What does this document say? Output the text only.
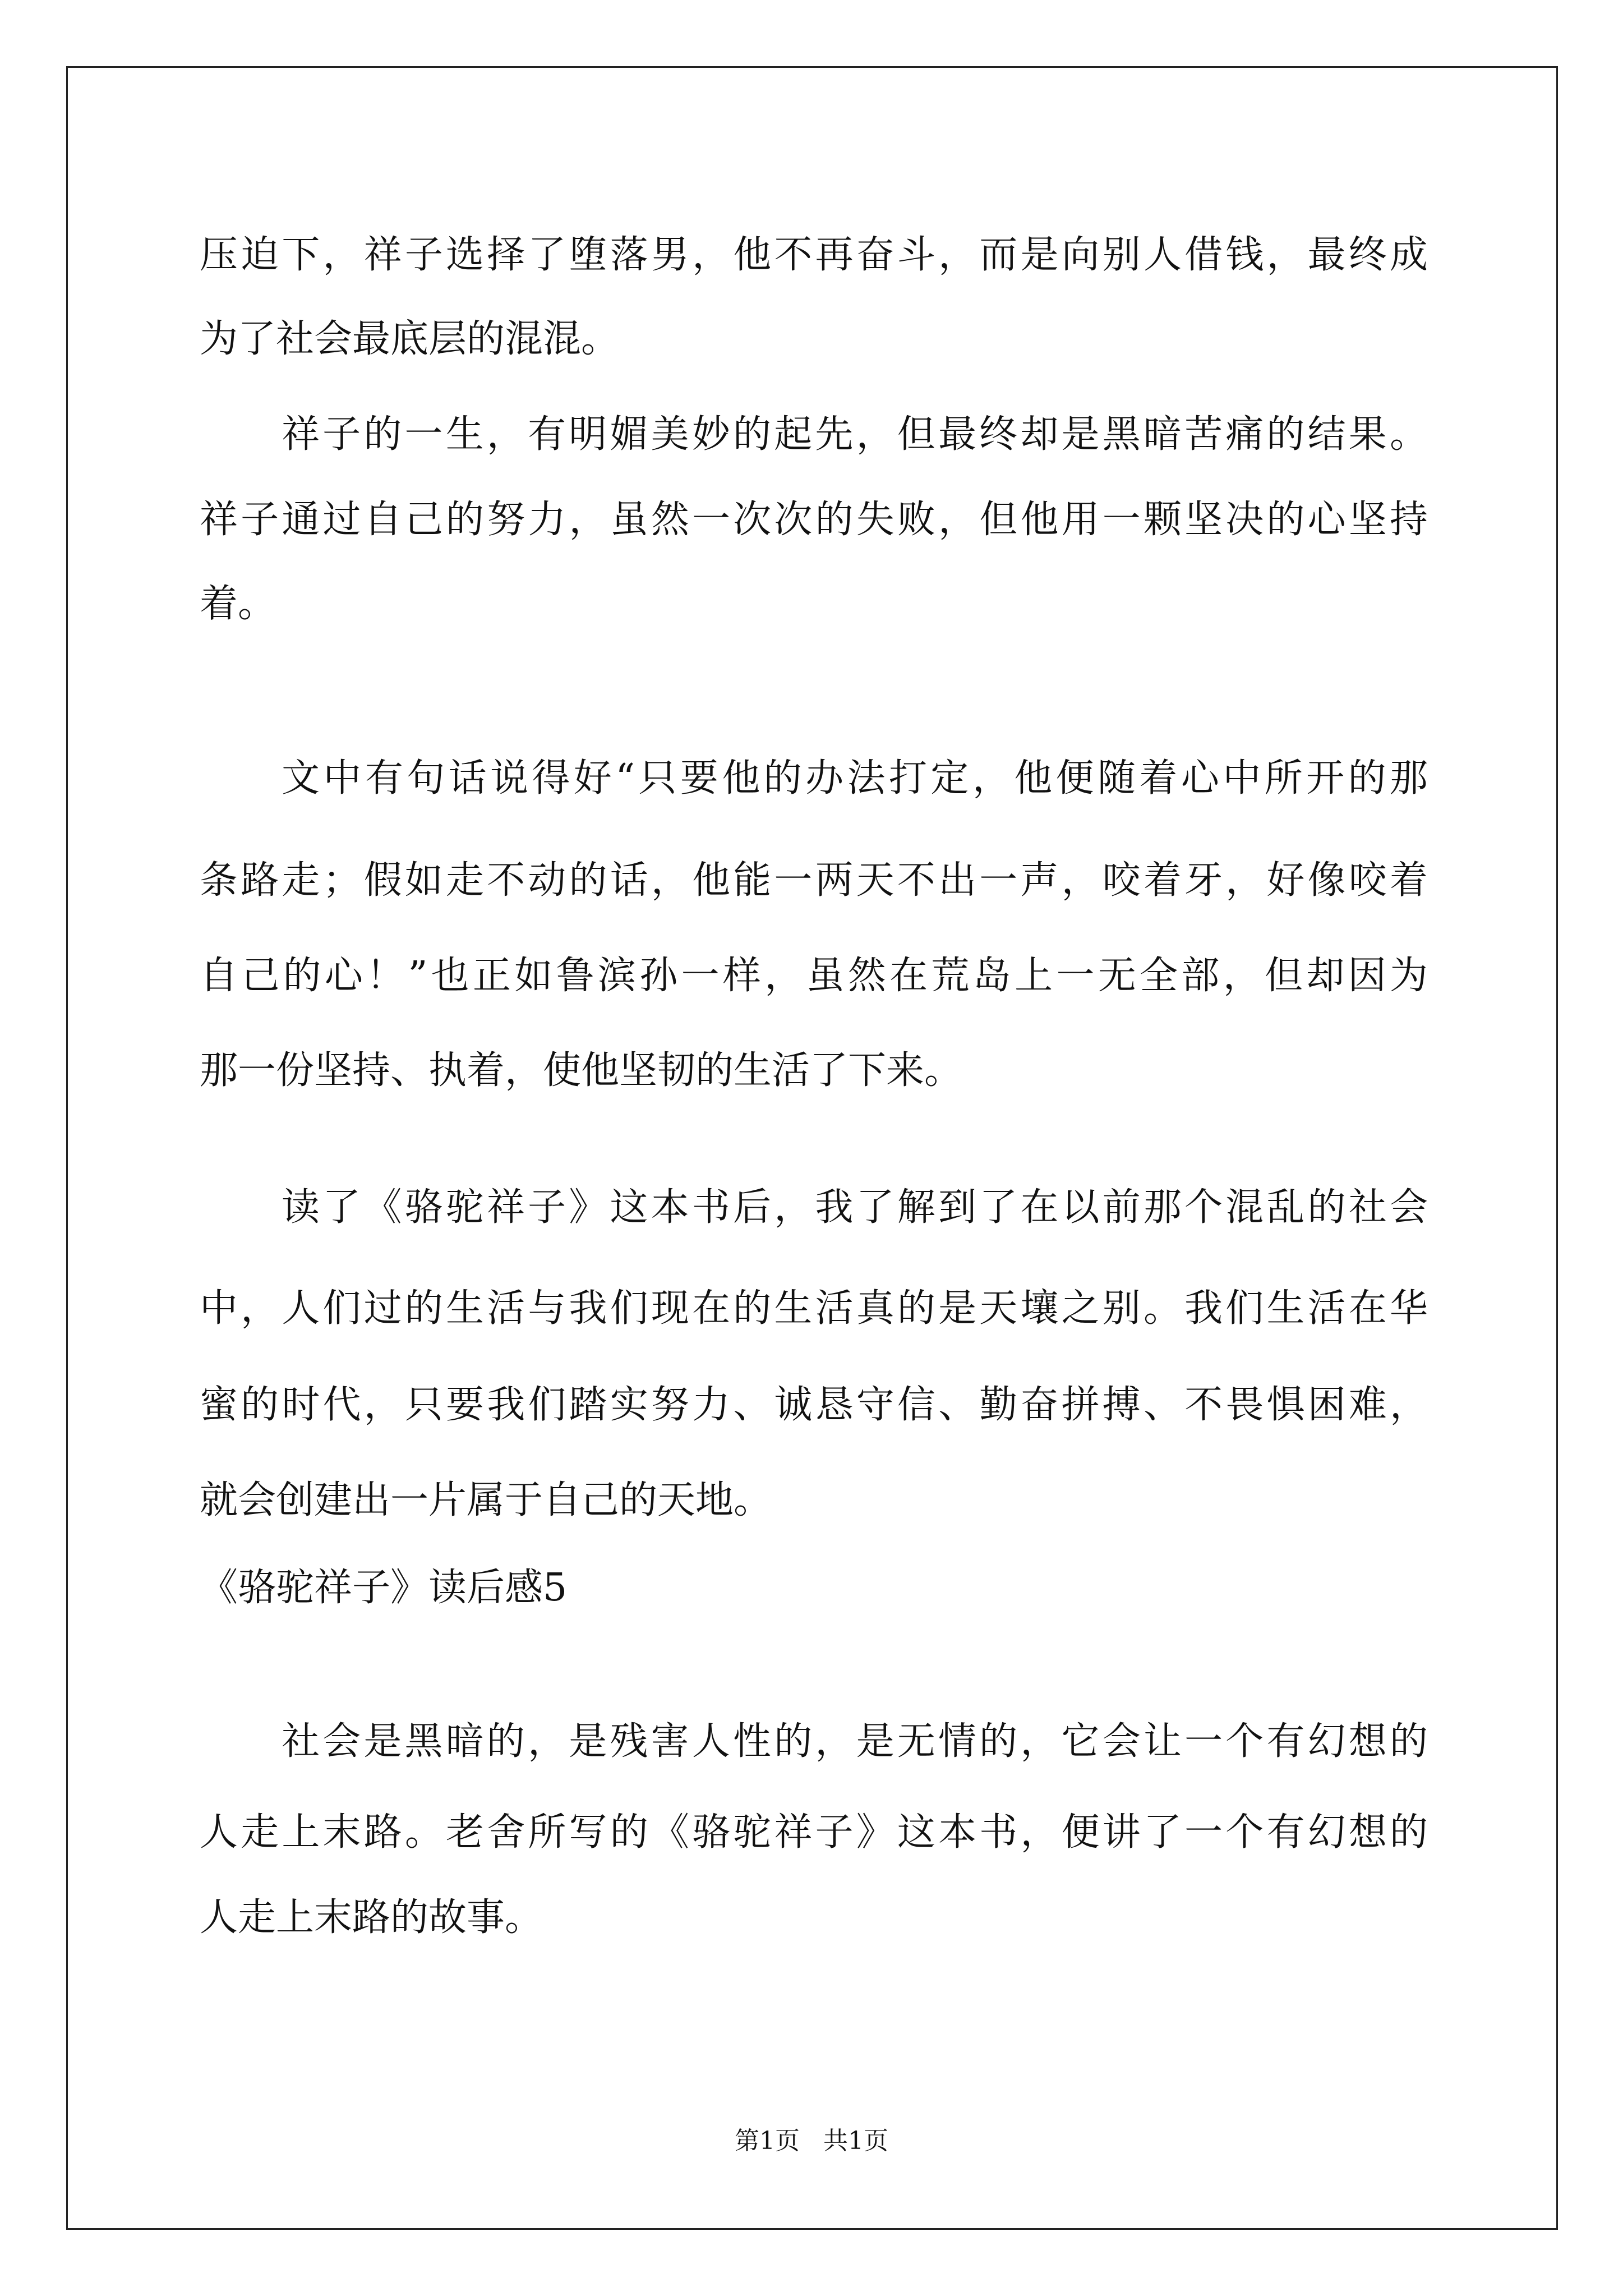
压迫下，祥子选择了堕落男，他不再奋斗，而是向别人借钱，最终成
为了社会最底层的混混。
祥子的一生，有明媚美妙的起先，但最终却是黑暗苦痛的结果。
祥子通过自己的努力，虽然一次次的失败，但他用一颗坚决的心坚持
着。
文中有句话说得好“只要他的办法打定，他便随着心中所开的那
条路走；假如走不动的话，他能一两天不出一声，咬着牙，好像咬着
自己的心！”也正如鲁滨孙一样，虽然在荒岛上一无全部，但却因为
那一份坚持、执着，使他坚韧的生活了下来。
读了《骆驼祥子》这本书后，我了解到了在以前那个混乱的社会
中，人们过的生活与我们现在的生活真的是天壤之别。我们生活在华
蜜的时代，只要我们踏实努力、诚恳守信、勤奋拼搏、不畏惧困难，
就会创建出一片属于自己的天地。
《骆驼祥子》读后感5
社会是黑暗的，是残害人性的，是无情的，它会让一个有幻想的
人走上末路。老舍所写的《骆驼祥子》这本书，便讲了一个有幻想的
人走上末路的故事。
第1页 共1页
